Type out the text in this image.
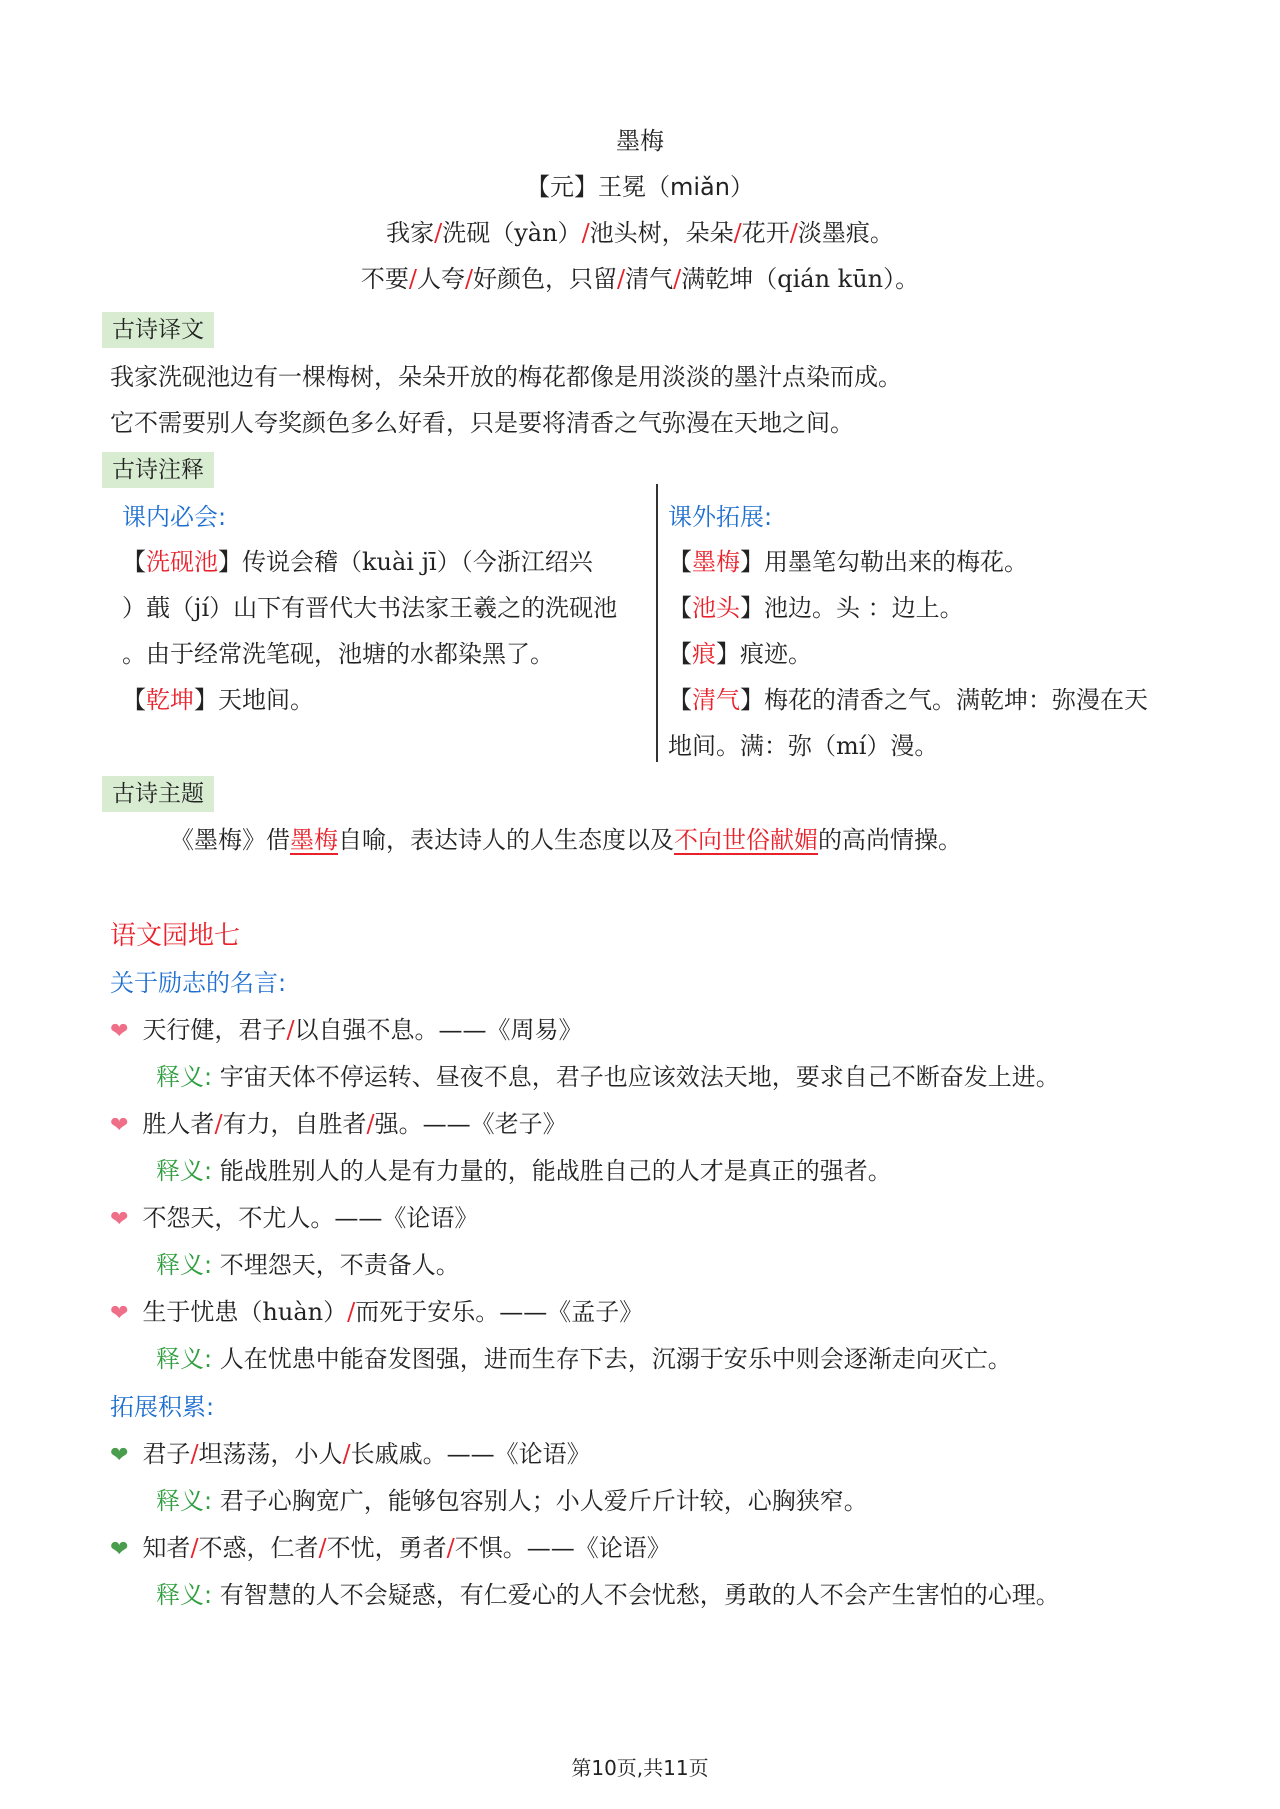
墨梅
【元】王冕（miǎn）
我家/洗砚（yàn）/池头树，朵朵/花开/淡墨痕。
不要/人夸/好颜色，只留/清气/满乾坤（qián kūn）。
古诗译文
我家洗砚池边有一棵梅树，朵朵开放的梅花都像是用淡淡的墨汁点染而成。
它不需要别人夸奖颜色多么好看，只是要将清香之气弥漫在天地之间。
古诗注释
课内必会:	课外拓展:
【洗砚池】传说会稽（kuài jī）（今浙江绍兴
）蕺（jí）山下有晋代大书法家王羲之的洗砚池
。由于经常洗笔砚，池塘的水都染黑了。
【乾坤】天地间。
【墨梅】用墨笔勾勒出来的梅花。
【池头】池边。头 ：边上。
【痕】痕迹。
【清气】梅花的清香之气。满乾坤：弥漫在天
地间。满：弥（mí）漫。
古诗主题
《墨梅》借墨梅自喻，表达诗人的人生态度以及不向世俗献媚的高尚情操。
语文园地七
关于励志的名言:
❤ 天行健，君子/以自强不息。——《周易》
释义: 宇宙天体不停运转、昼夜不息，君子也应该效法天地，要求自己不断奋发上进。
❤ 胜人者/有力，自胜者/强。——《老子》
释义: 能战胜别人的人是有力量的，能战胜自己的人才是真正的强者。
❤ 不怨天，不尤人。——《论语》
释义: 不埋怨天，不责备人。
❤ 生于忧患（huàn）/而死于安乐。——《孟子》
释义: 人在忧患中能奋发图强，进而生存下去，沉溺于安乐中则会逐渐走向灭亡。
拓展积累:
❤ 君子/坦荡荡，小人/长戚戚。——《论语》
释义: 君子心胸宽广，能够包容别人；小人爱斤斤计较，心胸狭窄。
❤ 知者/不惑，仁者/不忧，勇者/不惧。——《论语》
释义: 有智慧的人不会疑惑，有仁爱心的人不会忧愁，勇敢的人不会产生害怕的心理。
第10页,共11页
